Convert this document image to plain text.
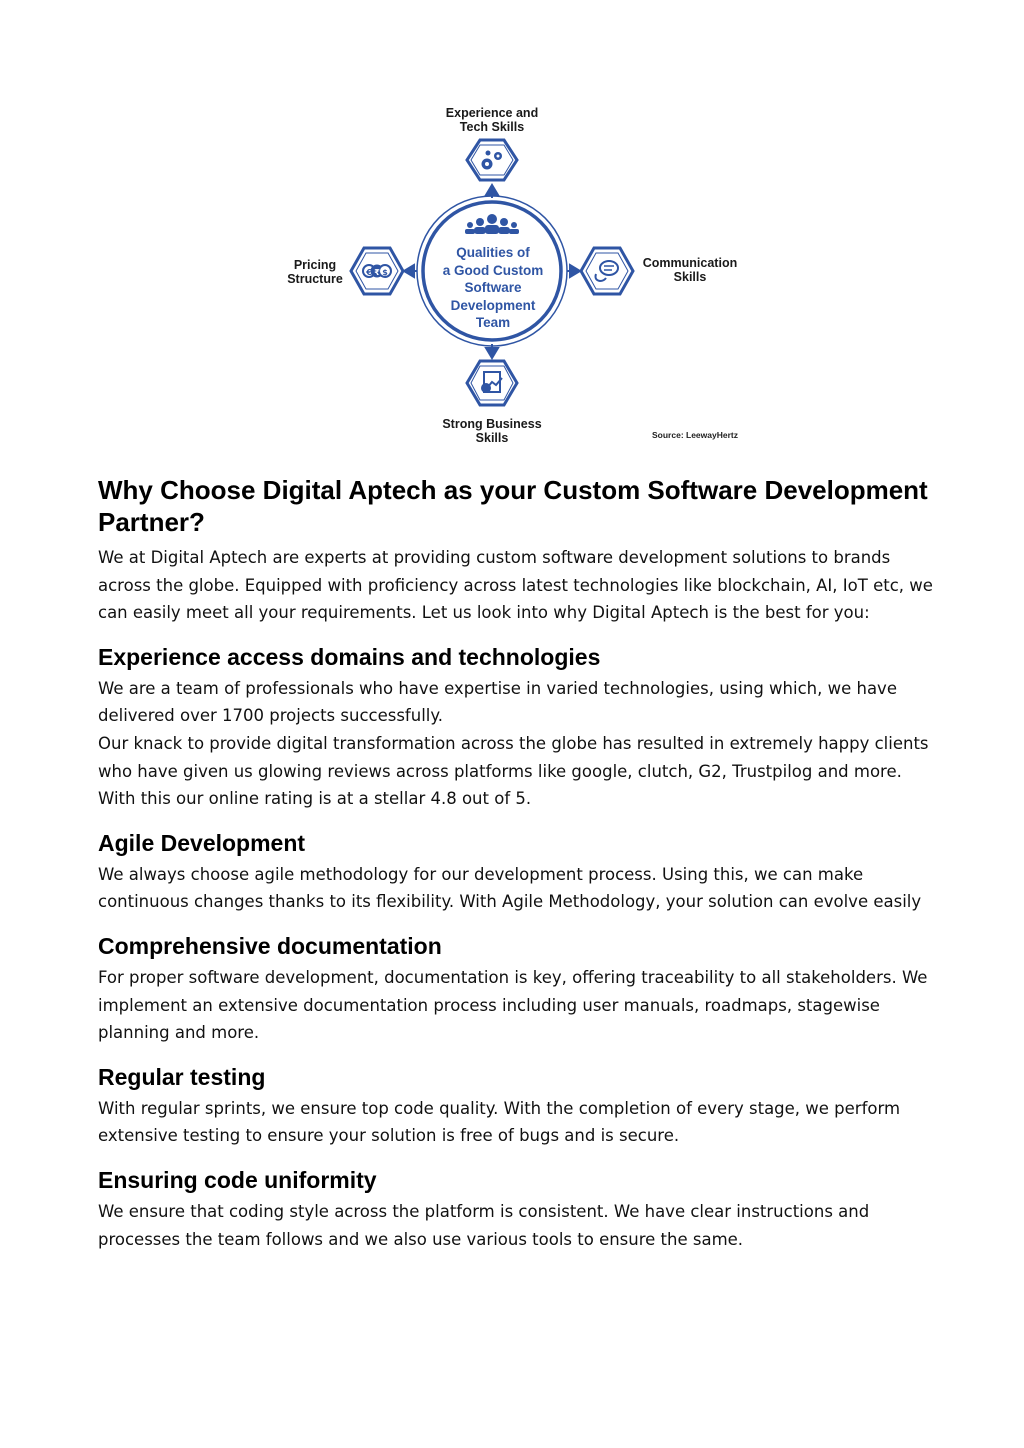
€ ₹ $
Qualities of
a Good Custom
Software
Development
Team
Experience and
Tech Skills
Communication
Skills
Strong Business
Skills
Pricing
Structure
Source: LeewayHertz
Why Choose Digital Aptech as your Custom Software Development Partner?

We at Digital Aptech are experts at providing custom software development solutions to brands across the globe. Equipped with proficiency across latest technologies like blockchain, AI, IoT etc, we can easily meet all your requirements. Let us look into why Digital Aptech is the best for you:

Experience access domains and technologies

We are a team of professionals who have expertise in varied technologies, using which, we have delivered over 1700 projects successfully.

Our knack to provide digital transformation across the globe has resulted in extremely happy clients who have given us glowing reviews across platforms like google, clutch, G2, Trustpilog and more. With this our online rating is at a stellar 4.8 out of 5.

Agile Development

We always choose agile methodology for our development process. Using this, we can make continuous changes thanks to its flexibility. With Agile Methodology, your solution can evolve easily

Comprehensive documentation

For proper software development, documentation is key, offering traceability to all stakeholders. We implement an extensive documentation process including user manuals, roadmaps, stagewise planning and more.

Regular testing

With regular sprints, we ensure top code quality. With the completion of every stage, we perform extensive testing to ensure your solution is free of bugs and is secure.

Ensuring code uniformity

We ensure that coding style across the platform is consistent. We have clear instructions and processes the team follows and we also use various tools to ensure the same.
